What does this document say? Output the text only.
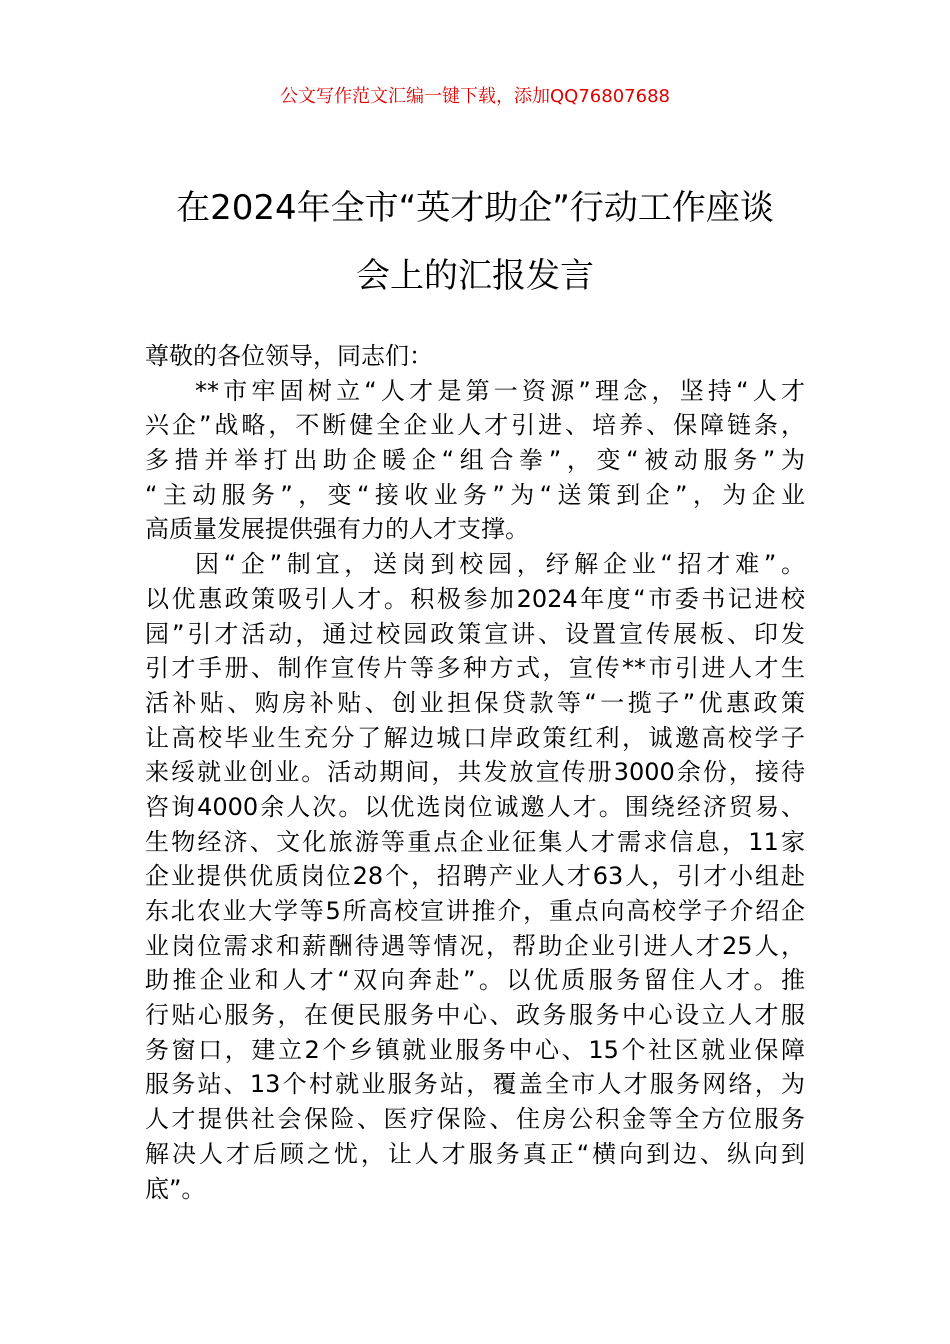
公文写作范文汇编一键下载，添加QQ76807688
在2024年全市“英才助企”行动工作座谈
会上的汇报发言
尊敬的各位领导，同志们：
**市牢固树立“人才是第一资源”理念，坚持“人才
兴企”战略，不断健全企业人才引进、培养、保障链条，
多措并举打出助企暖企“组合拳”，变“被动服务”为
“主动服务”，变“接收业务”为“送策到企”，为企业
高质量发展提供强有力的人才支撑。
因“企”制宜，送岗到校园，纾解企业“招才难”。
以优惠政策吸引人才。积极参加2024年度“市委书记进校
园”引才活动，通过校园政策宣讲、设置宣传展板、印发
引才手册、制作宣传片等多种方式，宣传**市引进人才生
活补贴、购房补贴、创业担保贷款等“一揽子”优惠政策
让高校毕业生充分了解边城口岸政策红利，诚邀高校学子
来绥就业创业。活动期间，共发放宣传册3000余份，接待
咨询4000余人次。以优选岗位诚邀人才。围绕经济贸易、
生物经济、文化旅游等重点企业征集人才需求信息，11家
企业提供优质岗位28个，招聘产业人才63人，引才小组赴
东北农业大学等5所高校宣讲推介，重点向高校学子介绍企
业岗位需求和薪酬待遇等情况，帮助企业引进人才25人，
助推企业和人才“双向奔赴”。以优质服务留住人才。推
行贴心服务，在便民服务中心、政务服务中心设立人才服
务窗口，建立2个乡镇就业服务中心、15个社区就业保障
服务站、13个村就业服务站，覆盖全市人才服务网络，为
人才提供社会保险、医疗保险、住房公积金等全方位服务
解决人才后顾之忧，让人才服务真正“横向到边、纵向到
底”。
